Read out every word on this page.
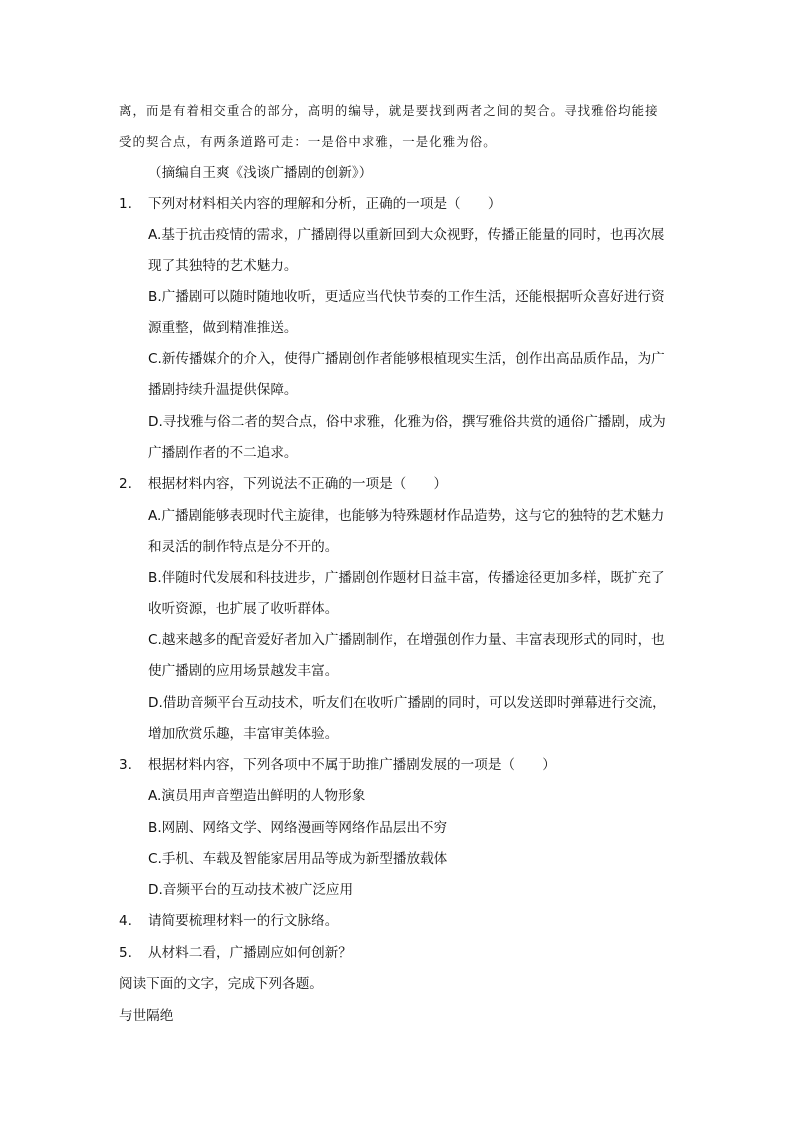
离，而是有着相交重合的部分，高明的编导，就是要找到两者之间的契合。寻找雅俗均能接
受的契合点，有两条道路可走：一是俗中求雅，一是化雅为俗。
（摘编自王爽《浅谈广播剧的创新》）
1. 下列对材料相关内容的理解和分析，正确的一项是（　　）
A.基于抗击疫情的需求，广播剧得以重新回到大众视野，传播正能量的同时，也再次展
现了其独特的艺术魅力。
B.广播剧可以随时随地收听，更适应当代快节奏的工作生活，还能根据听众喜好进行资
源重整，做到精准推送。
C.新传播媒介的介入，使得广播剧创作者能够根植现实生活，创作出高品质作品，为广
播剧持续升温提供保障。
D.寻找雅与俗二者的契合点，俗中求雅，化雅为俗，撰写雅俗共赏的通俗广播剧，成为
广播剧作者的不二追求。
2. 根据材料内容，下列说法不正确的一项是（　　）
A.广播剧能够表现时代主旋律，也能够为特殊题材作品造势，这与它的独特的艺术魅力
和灵活的制作特点是分不开的。
B.伴随时代发展和科技进步，广播剧创作题材日益丰富，传播途径更加多样，既扩充了
收听资源，也扩展了收听群体。
C.越来越多的配音爱好者加入广播剧制作，在增强创作力量、丰富表现形式的同时，也
使广播剧的应用场景越发丰富。
D.借助音频平台互动技术，听友们在收听广播剧的同时，可以发送即时弹幕进行交流，
增加欣赏乐趣，丰富审美体验。
3. 根据材料内容，下列各项中不属于助推广播剧发展的一项是（　　）
A.演员用声音塑造出鲜明的人物形象
B.网剧、网络文学、网络漫画等网络作品层出不穷
C.手机、车载及智能家居用品等成为新型播放载体
D.音频平台的互动技术被广泛应用
4. 请简要梳理材料一的行文脉络。
5. 从材料二看，广播剧应如何创新？
阅读下面的文字，完成下列各题。
与世隔绝
